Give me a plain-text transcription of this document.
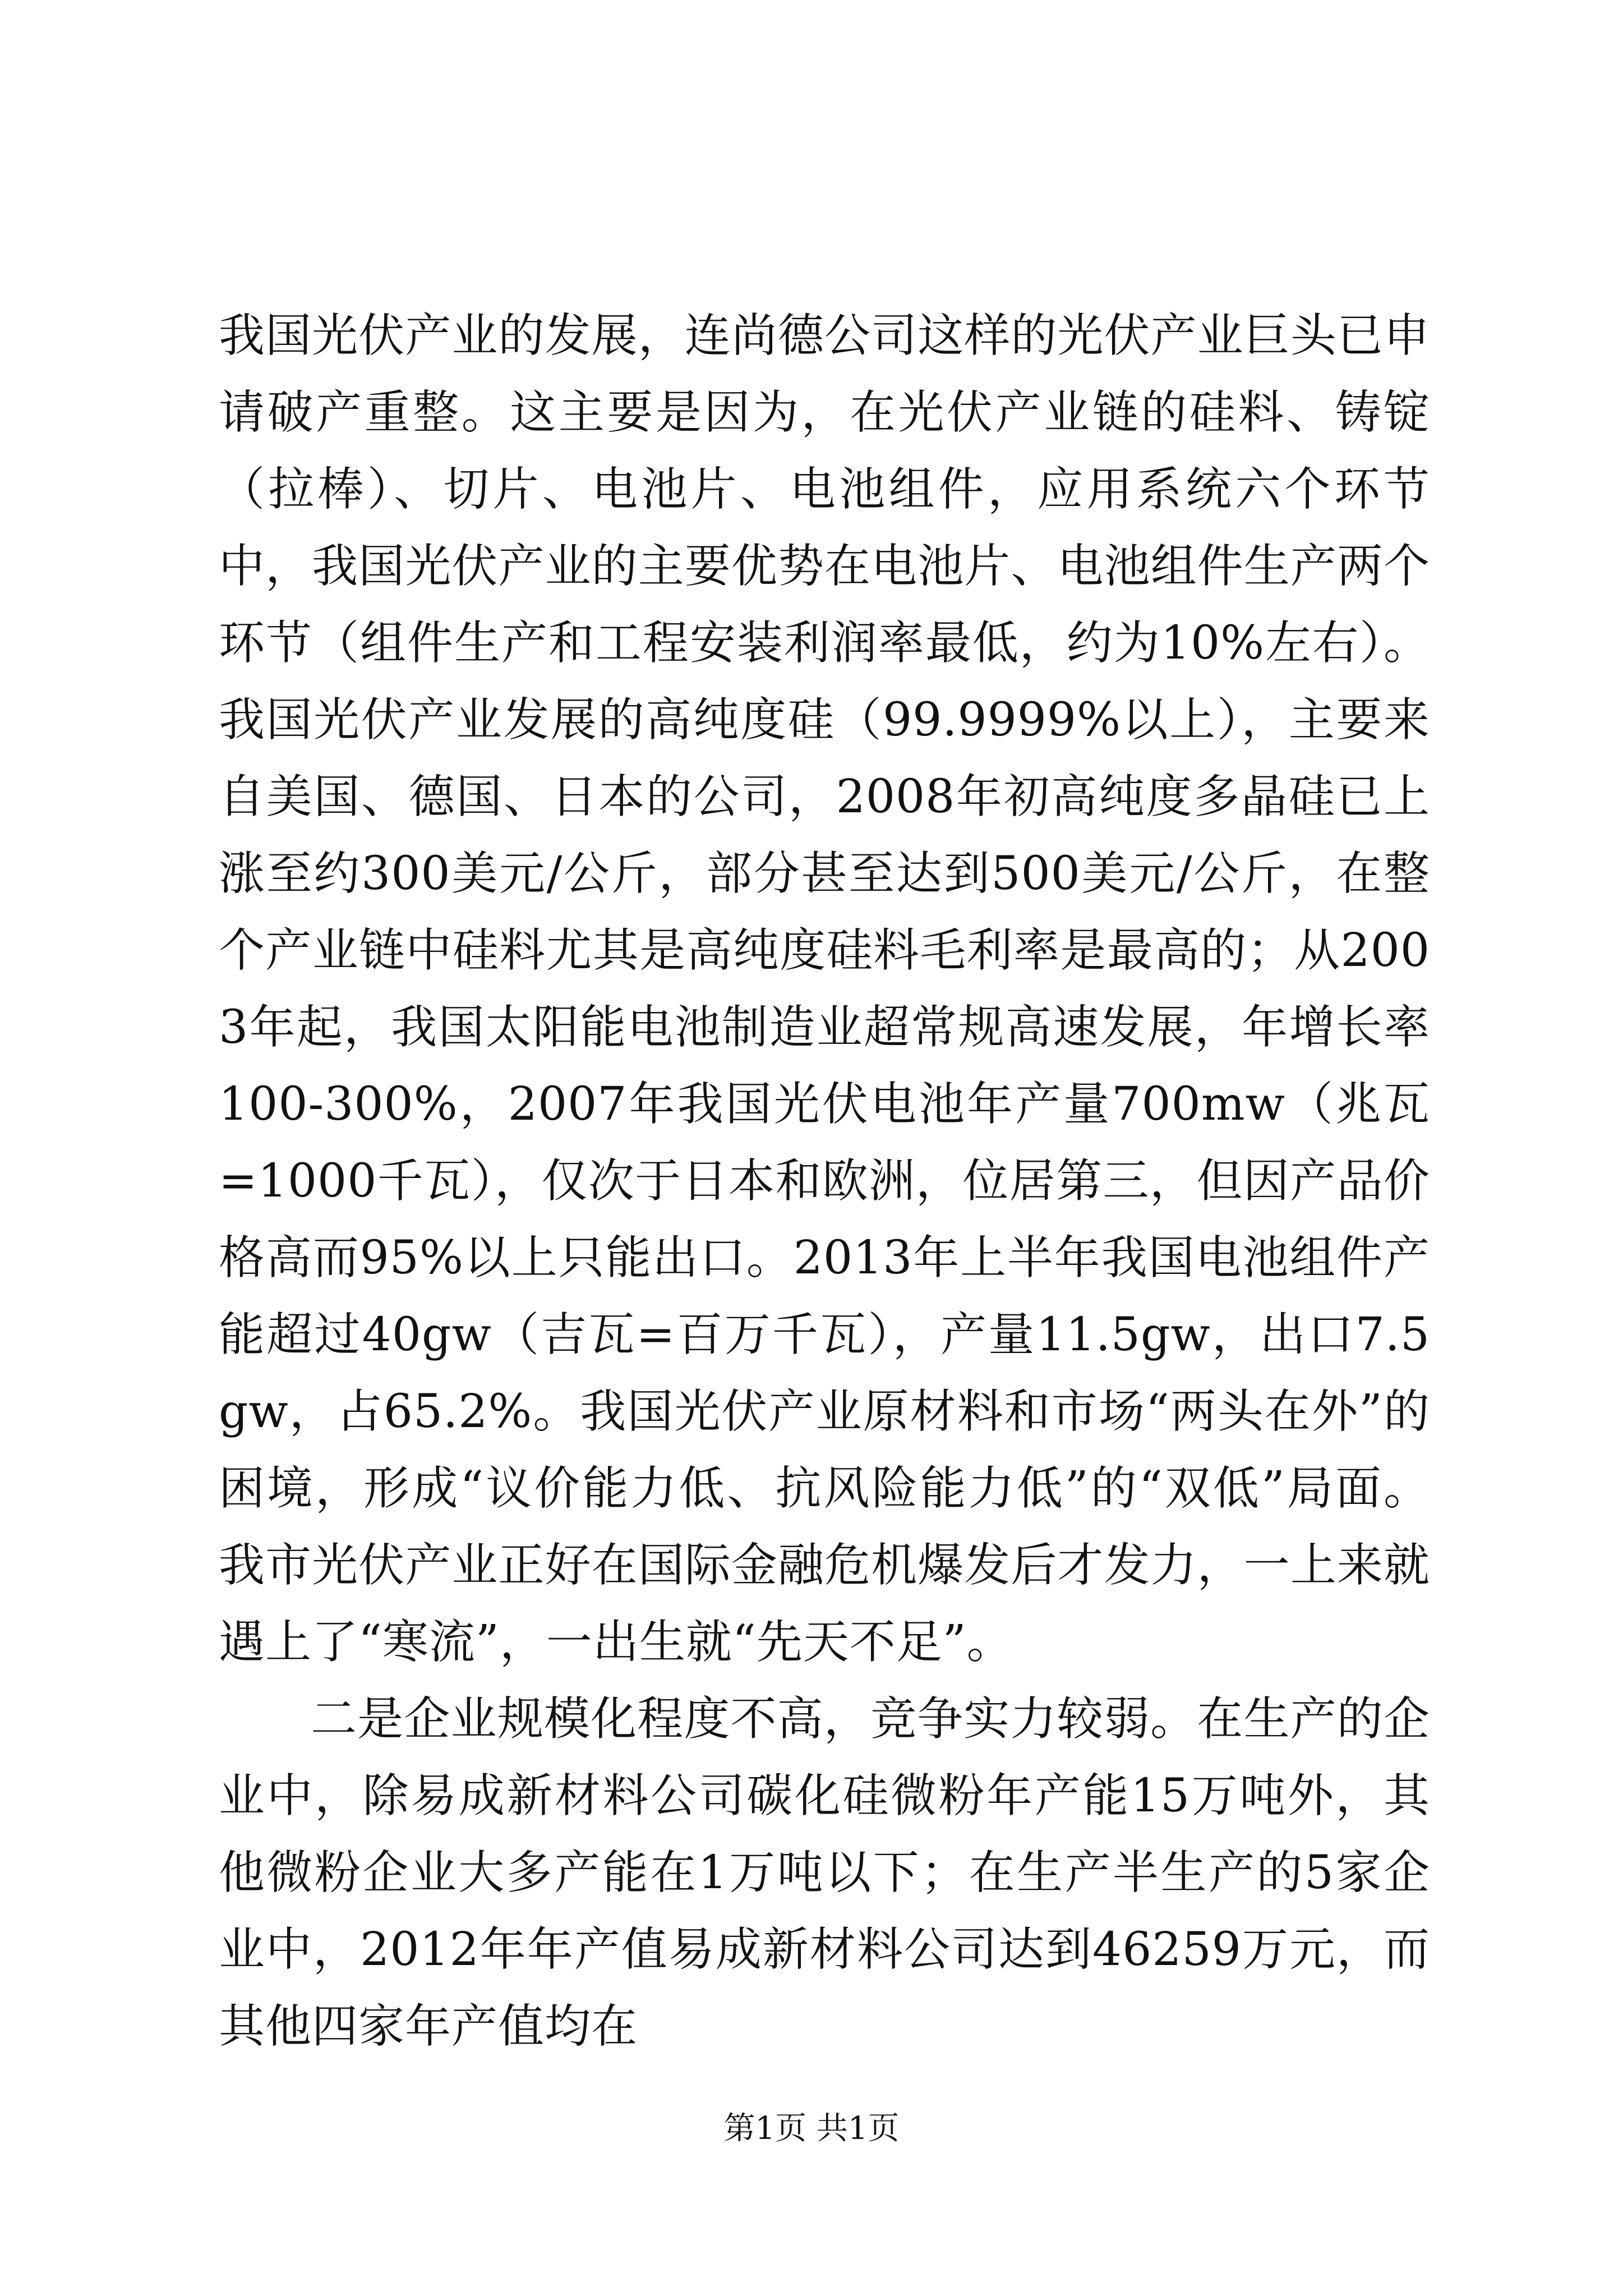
我国光伏产业的发展，连尚德公司这样的光伏产业巨头已申请破产重整。这主要是因为，在光伏产业链的硅料、铸锭（拉棒）、切片、电池片、电池组件，应用系统六个环节中，我国光伏产业的主要优势在电池片、电池组件生产两个环节（组件生产和工程安装利润率最低，约为10%左右）。我国光伏产业发展的高纯度硅（99.9999%以上），主要来自美国、德国、日本的公司，2008年初高纯度多晶硅已上涨至约300美元/公斤，部分甚至达到500美元/公斤，在整个产业链中硅料尤其是高纯度硅料毛利率是最高的；从2003年起，我国太阳能电池制造业超常规高速发展，年增长率100-300%，2007年我国光伏电池年产量700mw（兆瓦=1000千瓦），仅次于日本和欧洲，位居第三，但因产品价格高而95%以上只能出口。2013年上半年我国电池组件产能超过40gw（吉瓦=百万千瓦），产量11.5gw，出口7.5gw，占65.2%。我国光伏产业原材料和市场“两头在外”的困境，形成“议价能力低、抗风险能力低”的“双低”局面。我市光伏产业正好在国际金融危机爆发后才发力，一上来就遇上了“寒流”，一出生就“先天不足”。

二是企业规模化程度不高，竞争实力较弱。在生产的企业中，除易成新材料公司碳化硅微粉年产能15万吨外，其他微粉企业大多产能在1万吨以下；在生产半生产的5家企业中，2012年年产值易成新材料公司达到46259万元，而其他四家年产值均在

第1页 共1页
